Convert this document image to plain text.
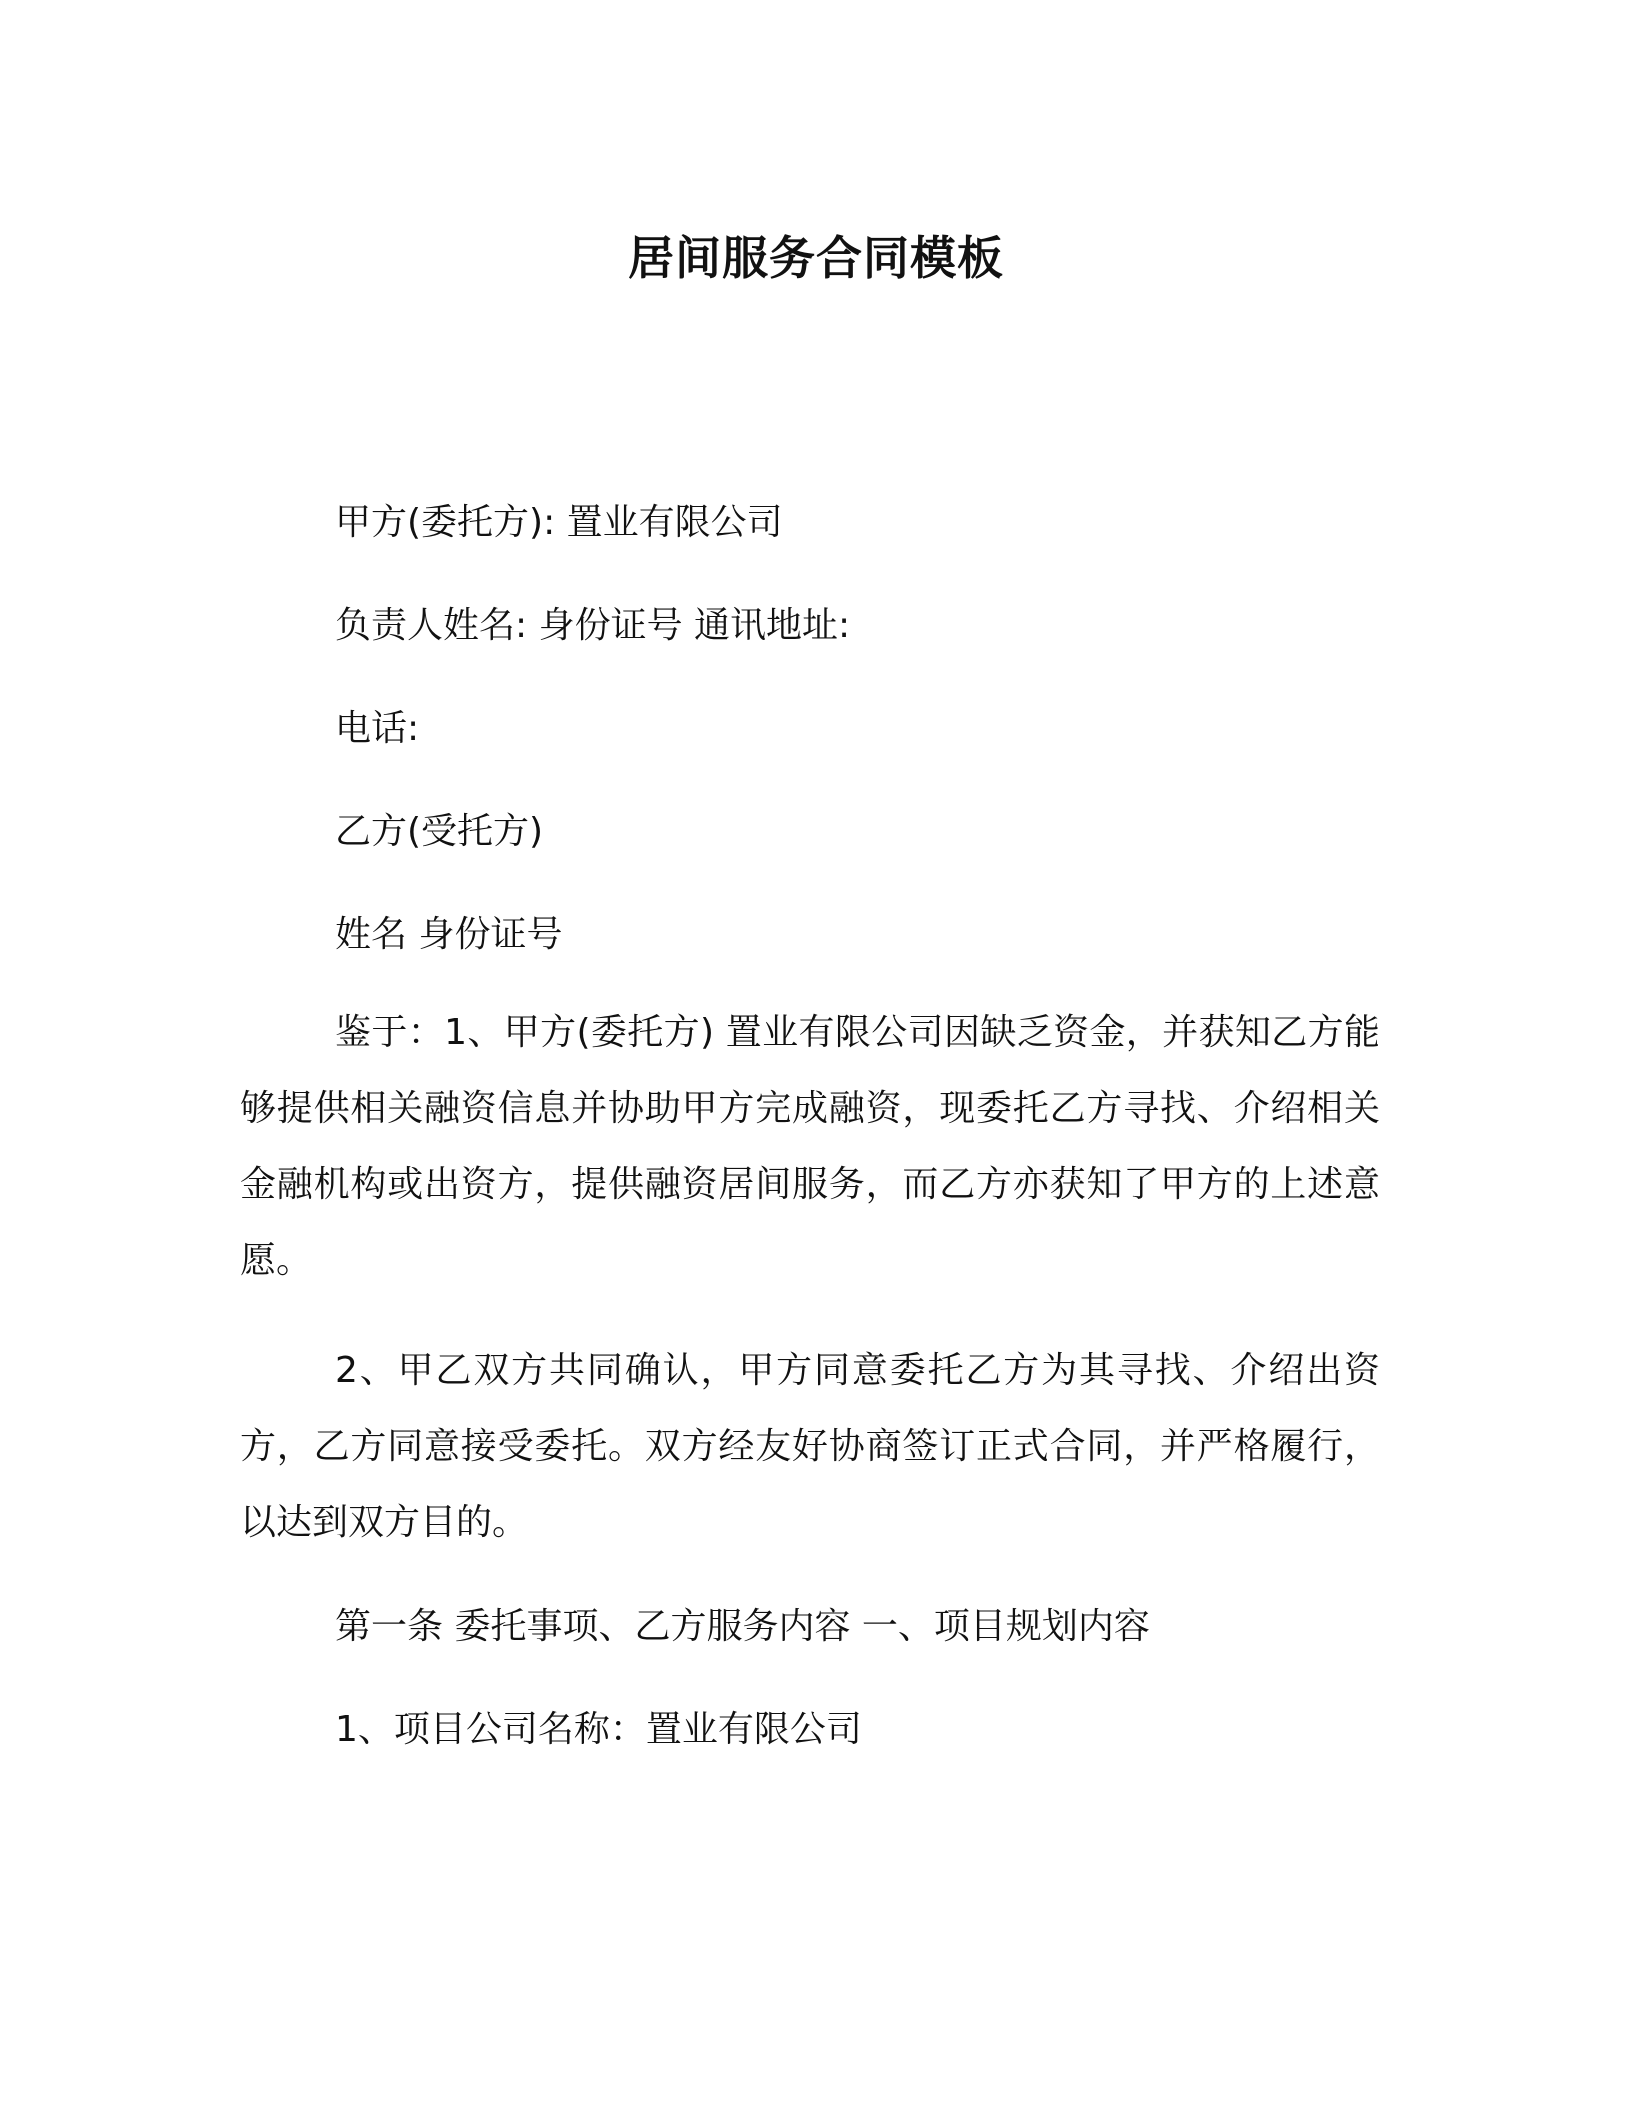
居间服务合同模板

甲方(委托方): 置业有限公司

负责人姓名: 身份证号 通讯地址:

电话:

乙方(受托方)

姓名 身份证号

鉴于：1、甲方(委托方) 置业有限公司因缺乏资金，并获知乙方能够提供相关融资信息并协助甲方完成融资，现委托乙方寻找、介绍相关金融机构或出资方，提供融资居间服务，而乙方亦获知了甲方的上述意愿。

2、甲乙双方共同确认，甲方同意委托乙方为其寻找、介绍出资方，乙方同意接受委托。双方经友好协商签订正式合同，并严格履行，以达到双方目的。

第一条 委托事项、乙方服务内容 一、项目规划内容

1、项目公司名称：置业有限公司
